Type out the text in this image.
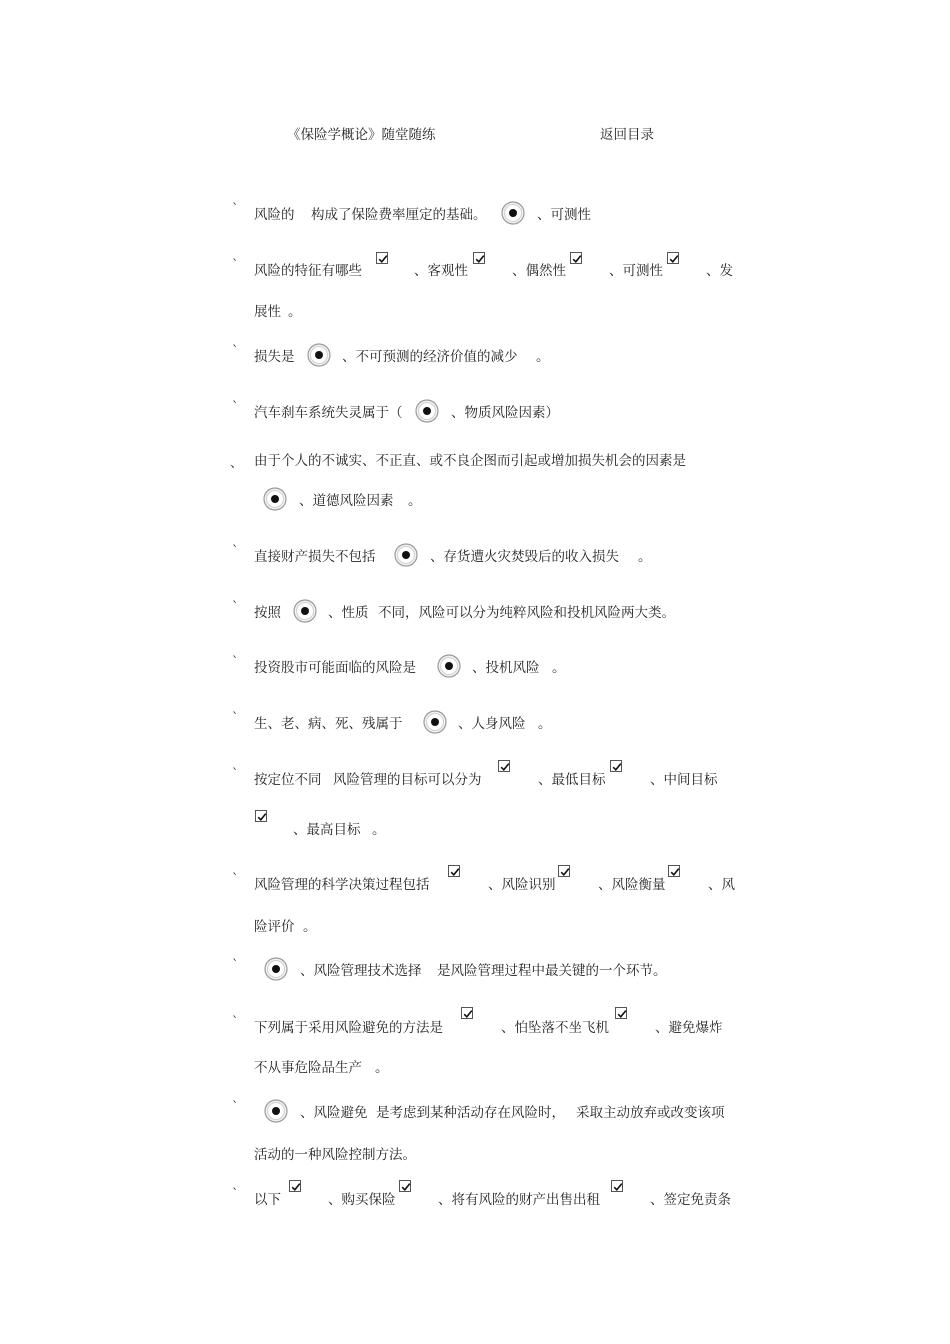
《保险学概论》随堂随练	返回目录
` 风险的 构成了保险费率厘定的基础。	、可测性
` 风险的特征有哪些	、客观性	、偶然性	、可测性	、发
展性 。
` 损失是	、不可预测的经济价值的减少 。
` 汽车刹车系统失灵属于（	、物质风险因素）
、 由于个人的不诚实、不正直、或不良企图而引起或增加损失机会的因素是
、道德风险因素 。
` 直接财产损失不包括	、存货遭火灾焚毁后的收入损失 。
` 按照	、性质 不同，风险可以分为纯粹风险和投机风险两大类。
` 投资股市可能面临的风险是	、投机风险 。
` 生、老、病、死、残属于	、人身风险 。
` 按定位不同 风险管理的目标可以分为	、最低目标	、中间目标
、最高目标 。
` 风险管理的科学决策过程包括	、风险识别	、风险衡量	、风
险评价 。
`	、风险管理技术选择 是风险管理过程中最关键的一个环节。
` 下列属于采用风险避免的方法是	、怕坠落不坐飞机	、避免爆炸
不从事危险品生产 。
`	、风险避免 是考虑到某种活动存在风险时， 采取主动放弃或改变该项
活动的一种风险控制方法。
` 以下	、购买保险	、将有风险的财产出售出租	、签定免责条
